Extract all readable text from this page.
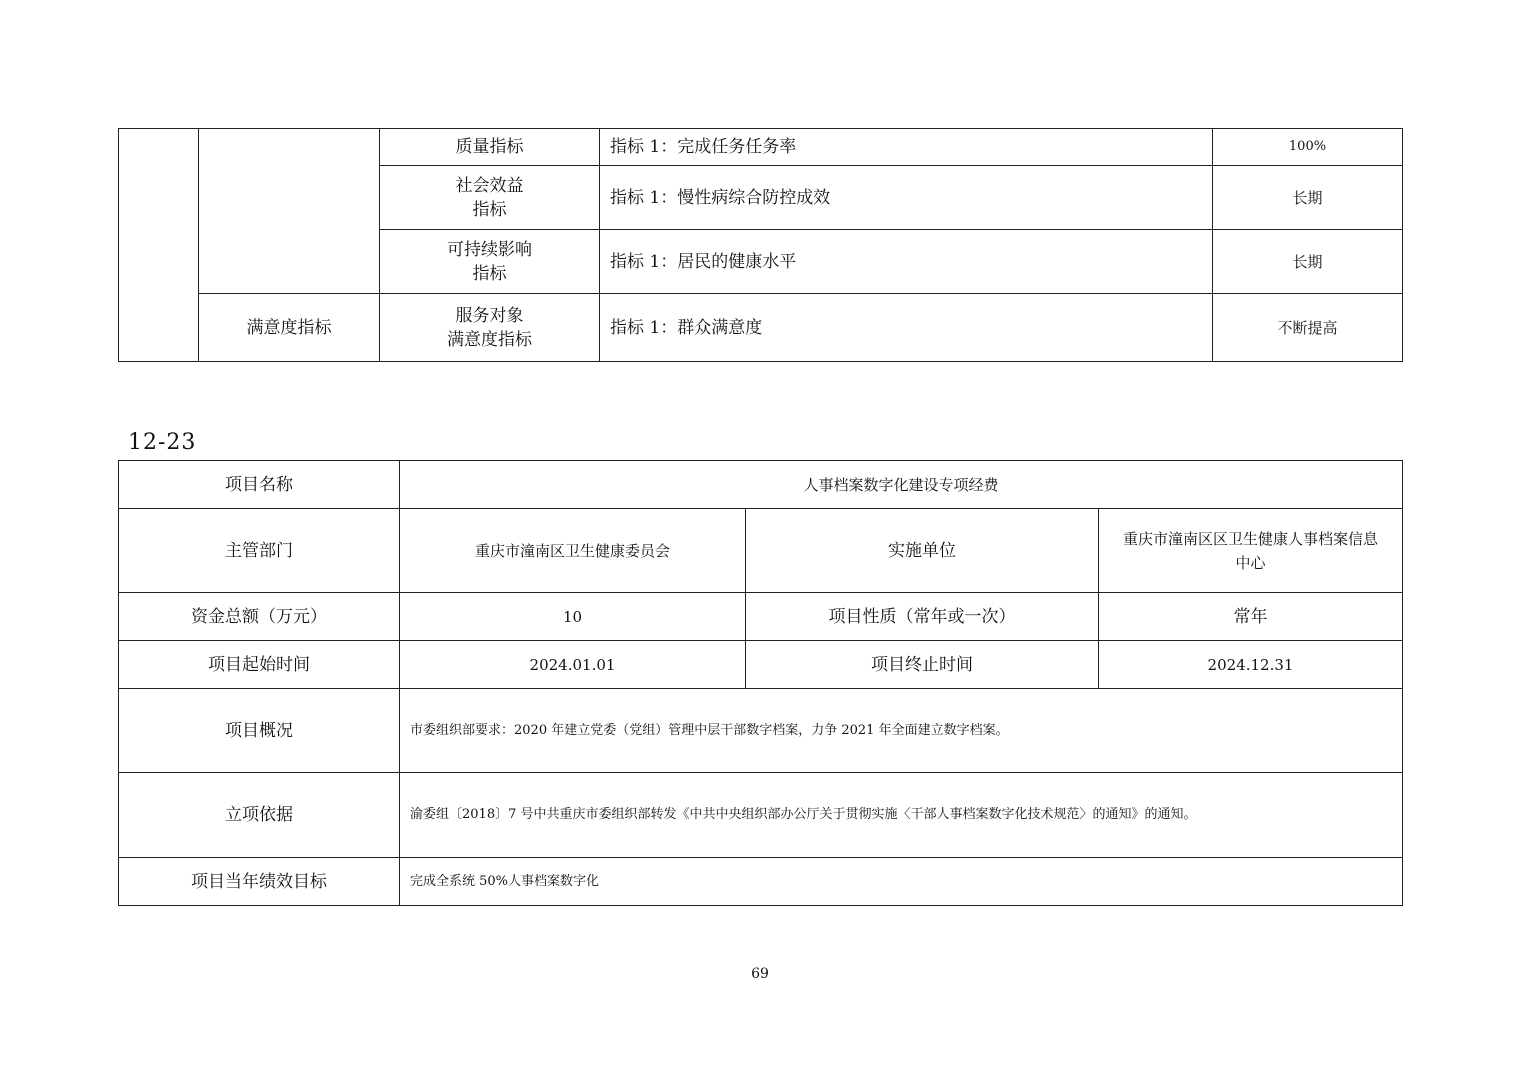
		质量指标	指标 1：完成任务任务率	100%

		社会效益
指标	指标 1：慢性病综合防控成效	长期

		可持续影响
指标	指标 1：居民的健康水平	长期
	满意度指标	服务对象
满意度指标	指标 1：群众满意度	不断提高
12-23
项目名称	人事档案数字化建设专项经费		
主管部门	重庆市潼南区卫生健康委员会	实施单位	重庆市潼南区区卫生健康人事档案信息
中心

资金总额（万元）	10	项目性质（常年或一次）	常年
项目起始时间	2024.01.01	项目终止时间	2024.12.31
项目概况	市委组织部要求：2020 年建立党委（党组）管理中层干部数字档案，力争 2021 年全面建立数字档案。		
立项依据	渝委组〔2018〕7 号中共重庆市委组织部转发《中共中央组织部办公厅关于贯彻实施〈干部人事档案数字化技术规范〉的通知》的通知。		
项目当年绩效目标	完成全系统 50%人事档案数字化		
69
